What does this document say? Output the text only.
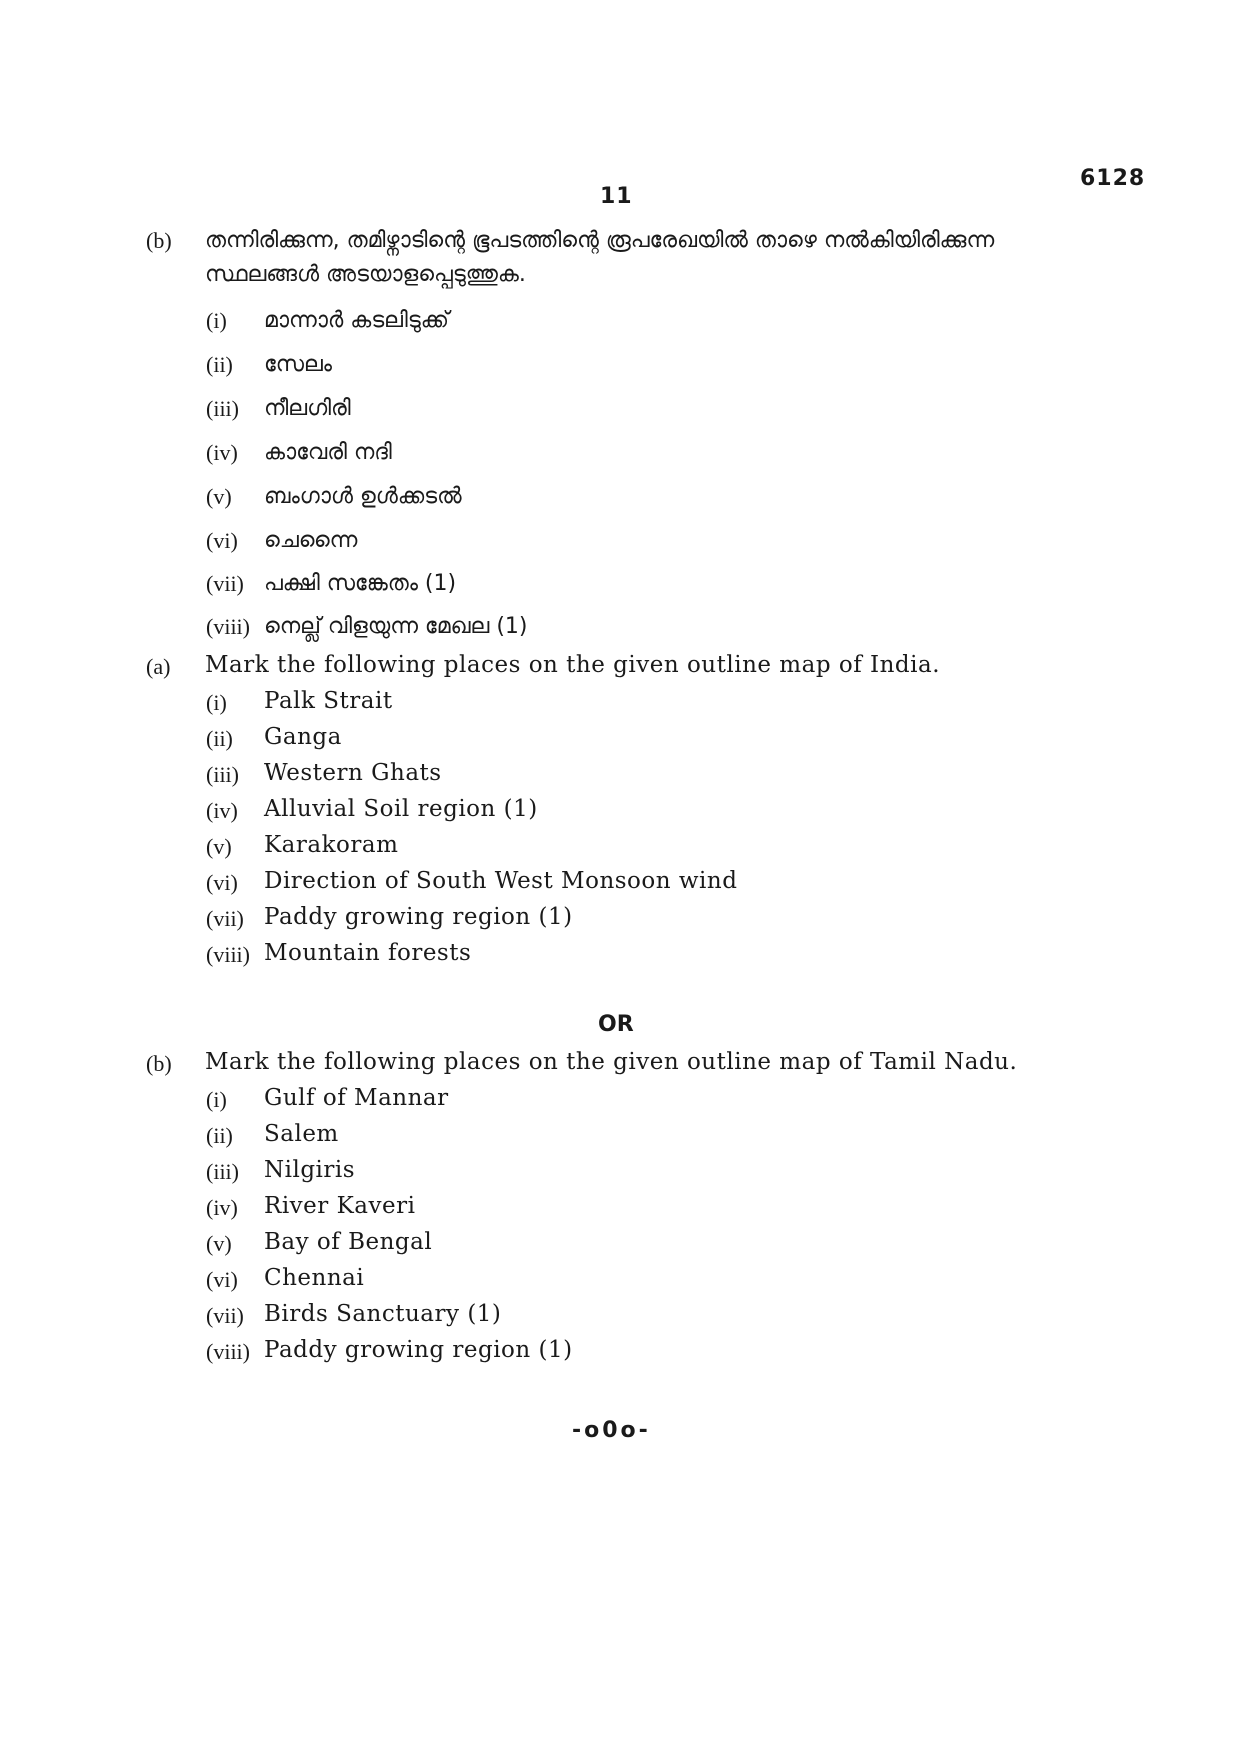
11
6128
(b) തന്നിരിക്കുന്ന, തമിഴ്നാടിന്റെ ഭൂപടത്തിന്റെ രൂപരേഖയിൽ താഴെ നൽകിയിരിക്കുന്ന
സ്ഥലങ്ങൾ അടയാളപ്പെടുത്തുക.
(i) മാന്നാർ കടലിടുക്ക്
(ii) സേലം
(iii) നീലഗിരി
(iv) കാവേരി നദി
(v) ബംഗാൾ ഉൾക്കടൽ
(vi) ചെന്നൈ
(vii) പക്ഷി സങ്കേതം (1)
(viii) നെല്ല് വിളയുന്ന മേഖല (1)
(a) Mark the following places on the given outline map of India.
(i) Palk Strait
(ii) Ganga
(iii) Western Ghats
(iv) Alluvial Soil region (1)
(v) Karakoram
(vi) Direction of South West Monsoon wind
(vii) Paddy growing region (1)
(viii) Mountain forests
OR
(b) Mark the following places on the given outline map of Tamil Nadu.
(i) Gulf of Mannar
(ii) Salem
(iii) Nilgiris
(iv) River Kaveri
(v) Bay of Bengal
(vi) Chennai
(vii) Birds Sanctuary (1)
(viii) Paddy growing region (1)
-o0o-
